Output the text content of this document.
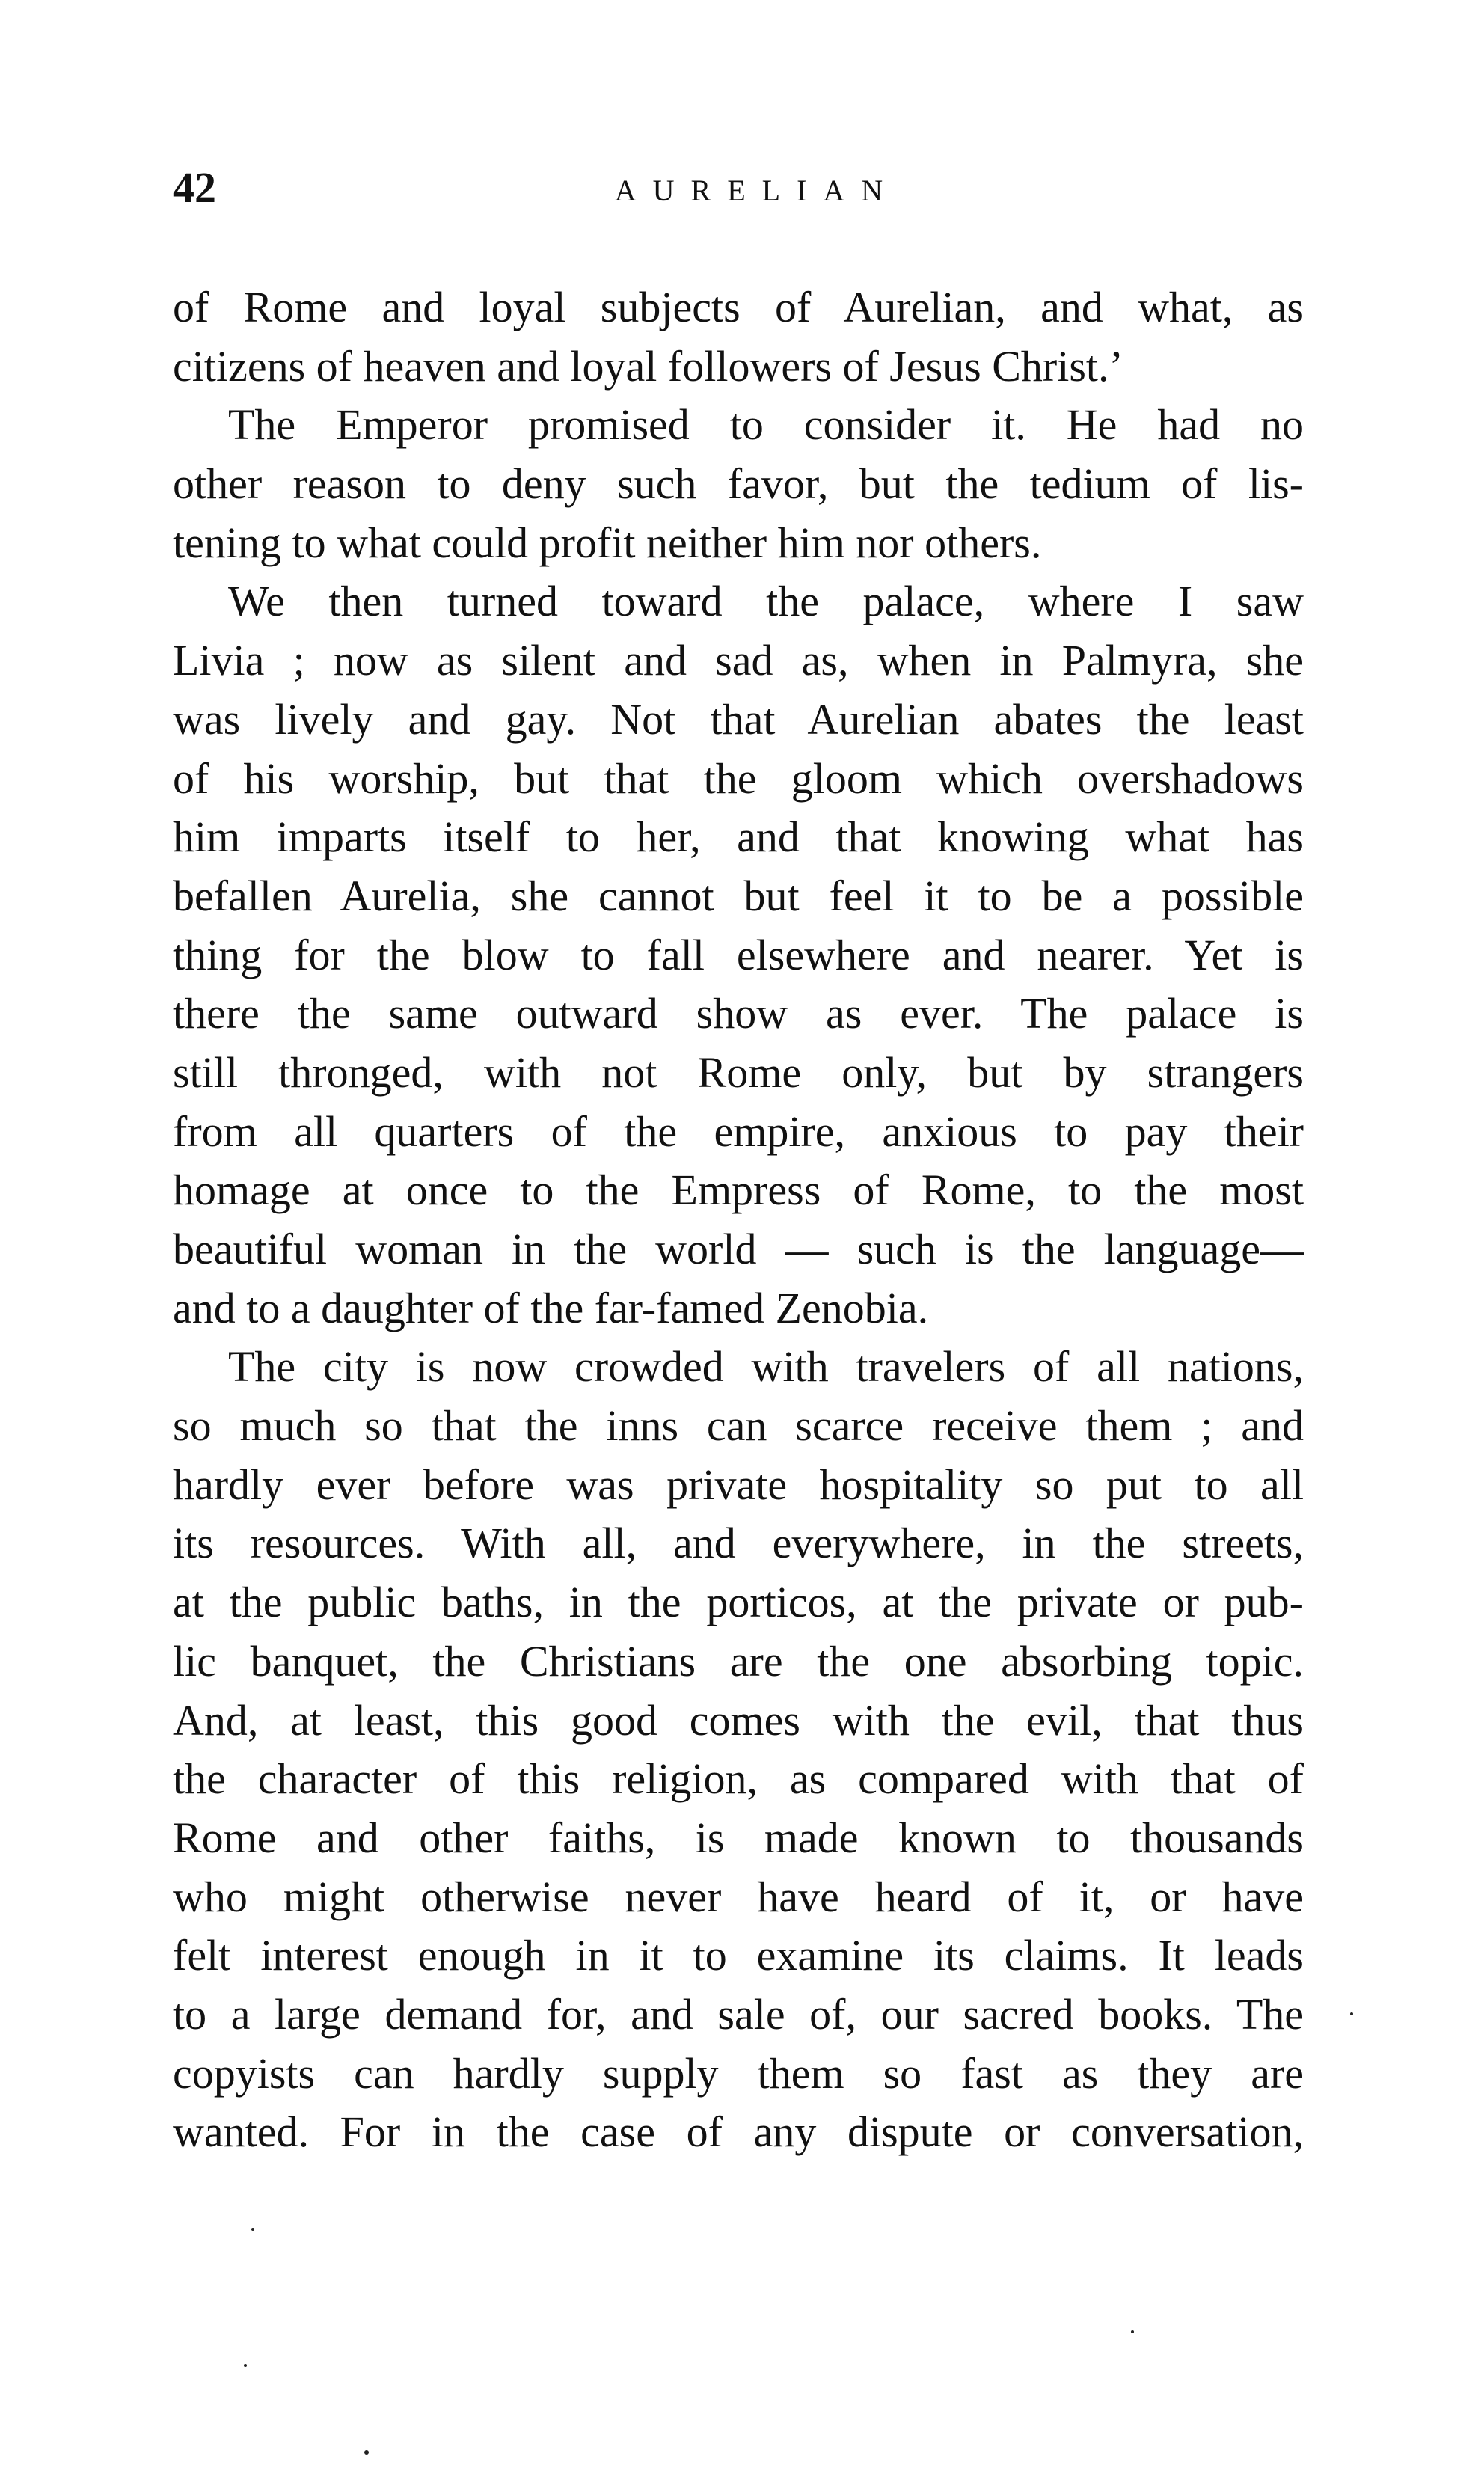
42	AURELIAN
of Rome and loyal subjects of Aurelian, and what, as
citizens of heaven and loyal followers of Jesus Christ.’
The Emperor promised to consider it. He had no
other reason to deny such favor, but the tedium of lis-
tening to what could profit neither him nor others.
We then turned toward the palace, where I saw
Livia ; now as silent and sad as, when in Palmyra, she
was lively and gay. Not that Aurelian abates the least
of his worship, but that the gloom which overshadows
him imparts itself to her, and that knowing what has
befallen Aurelia, she cannot but feel it to be a possible
thing for the blow to fall elsewhere and nearer. Yet is
there the same outward show as ever. The palace is
still thronged, with not Rome only, but by strangers
from all quarters of the empire, anxious to pay their
homage at once to the Empress of Rome, to the most
beautiful woman in the world — such is the language—
and to a daughter of the far-famed Zenobia.
The city is now crowded with travelers of all nations,
so much so that the inns can scarce receive them ; and
hardly ever before was private hospitality so put to all
its resources. With all, and everywhere, in the streets,
at the public baths, in the porticos, at the private or pub-
lic banquet, the Christians are the one absorbing topic.
And, at least, this good comes with the evil, that thus
the character of this religion, as compared with that of
Rome and other faiths, is made known to thousands
who might otherwise never have heard of it, or have
felt interest enough in it to examine its claims. It leads
to a large demand for, and sale of, our sacred books. The
copyists can hardly supply them so fast as they are
wanted. For in the case of any dispute or conversation,
